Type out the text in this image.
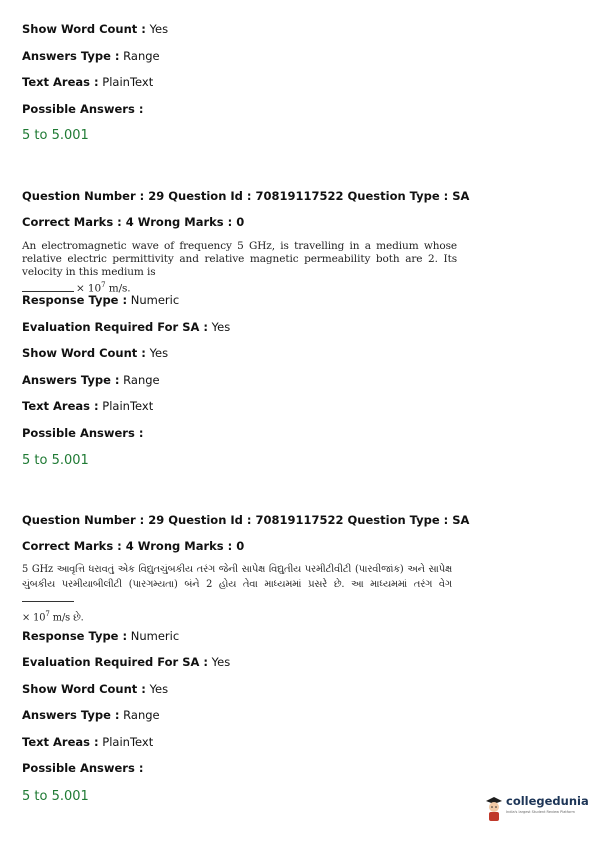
Show Word Count : Yes
Answers Type : Range
Text Areas : PlainText
Possible Answers :
5 to 5.001
Question Number : 29 Question Id : 70819117522 Question Type : SA
Correct Marks : 4 Wrong Marks : 0
An electromagnetic wave of frequency 5 GHz, is travelling in a medium whose relative electric permittivity and relative magnetic permeability both are 2. Its velocity in this medium is
× $10^7$ m/s.
Response Type : Numeric
Evaluation Required For SA : Yes
Show Word Count : Yes
Answers Type : Range
Text Areas : PlainText
Possible Answers :
5 to 5.001
Question Number : 29 Question Id : 70819117522 Question Type : SA
Correct Marks : 4 Wrong Marks : 0
5 GHz આવૃત્તિ ધરાવતું એક વિદ્યુતચુંબકીય તરંગ જેની સાપેક્ષ વિદ્યુતીય પરમીટીવીટી (પારવીજાંક) અને સાપેક્ષ ચુંબકીય પરમીયાબીલીટી (પારગમ્યતા) બંને 2 હોય તેવા માધ્યમમાં પ્રસરે છે. આ માધ્યમમાં તરંગ વેગ
× $10^7$ m/s છે.
Response Type : Numeric
Evaluation Required For SA : Yes
Show Word Count : Yes
Answers Type : Range
Text Areas : PlainText
Possible Answers :
5 to 5.001	collegedunia
India's largest Student Review Platform
